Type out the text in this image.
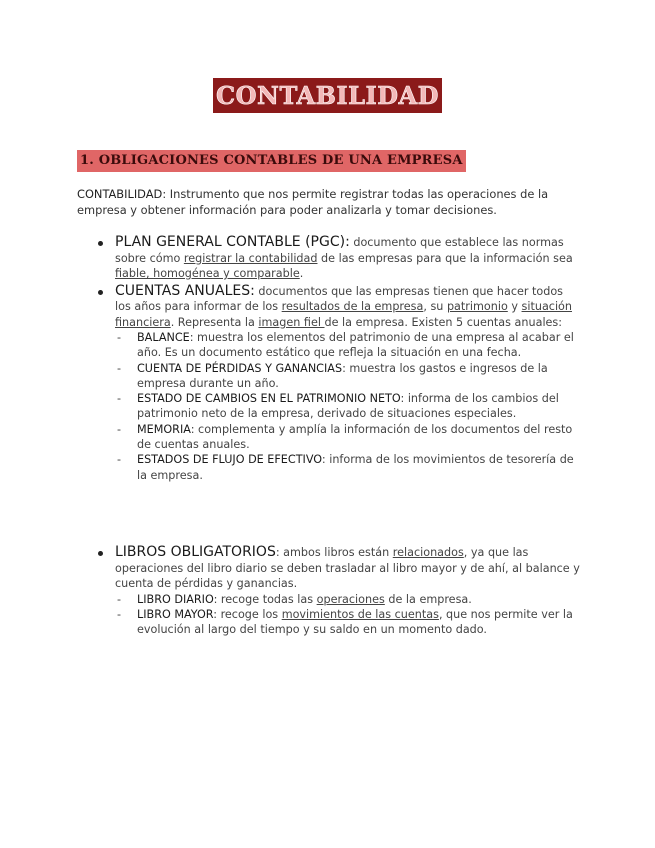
CONTABILIDAD
1. OBLIGACIONES CONTABLES DE UNA EMPRESA
CONTABILIDAD: Instrumento que nos permite registrar todas las operaciones de la empresa y obtener información para poder analizarla y tomar decisiones.
PLAN GENERAL CONTABLE (PGC): documento que establece las normas sobre cómo registrar la contabilidad de las empresas para que la información sea fiable, homogénea y comparable.
CUENTAS ANUALES: documentos que las empresas tienen que hacer todos los años para informar de los resultados de la empresa, su patrimonio y situación financiera. Representa la imagen fiel de la empresa. Existen 5 cuentas anuales:
- BALANCE: muestra los elementos del patrimonio de una empresa al acabar el año. Es un documento estático que refleja la situación en una fecha.
- CUENTA DE PÉRDIDAS Y GANANCIAS: muestra los gastos e ingresos de la empresa durante un año.
- ESTADO DE CAMBIOS EN EL PATRIMONIO NETO: informa de los cambios del patrimonio neto de la empresa, derivado de situaciones especiales.
- MEMORIA: complementa y amplía la información de los documentos del resto de cuentas anuales.
- ESTADOS DE FLUJO DE EFECTIVO: informa de los movimientos de tesorería de la empresa.
LIBROS OBLIGATORIOS: ambos libros están relacionados, ya que las operaciones del libro diario se deben trasladar al libro mayor y de ahí, al balance y cuenta de pérdidas y ganancias.
- LIBRO DIARIO: recoge todas las operaciones de la empresa.
- LIBRO MAYOR: recoge los movimientos de las cuentas, que nos permite ver la evolución al largo del tiempo y su saldo en un momento dado.
